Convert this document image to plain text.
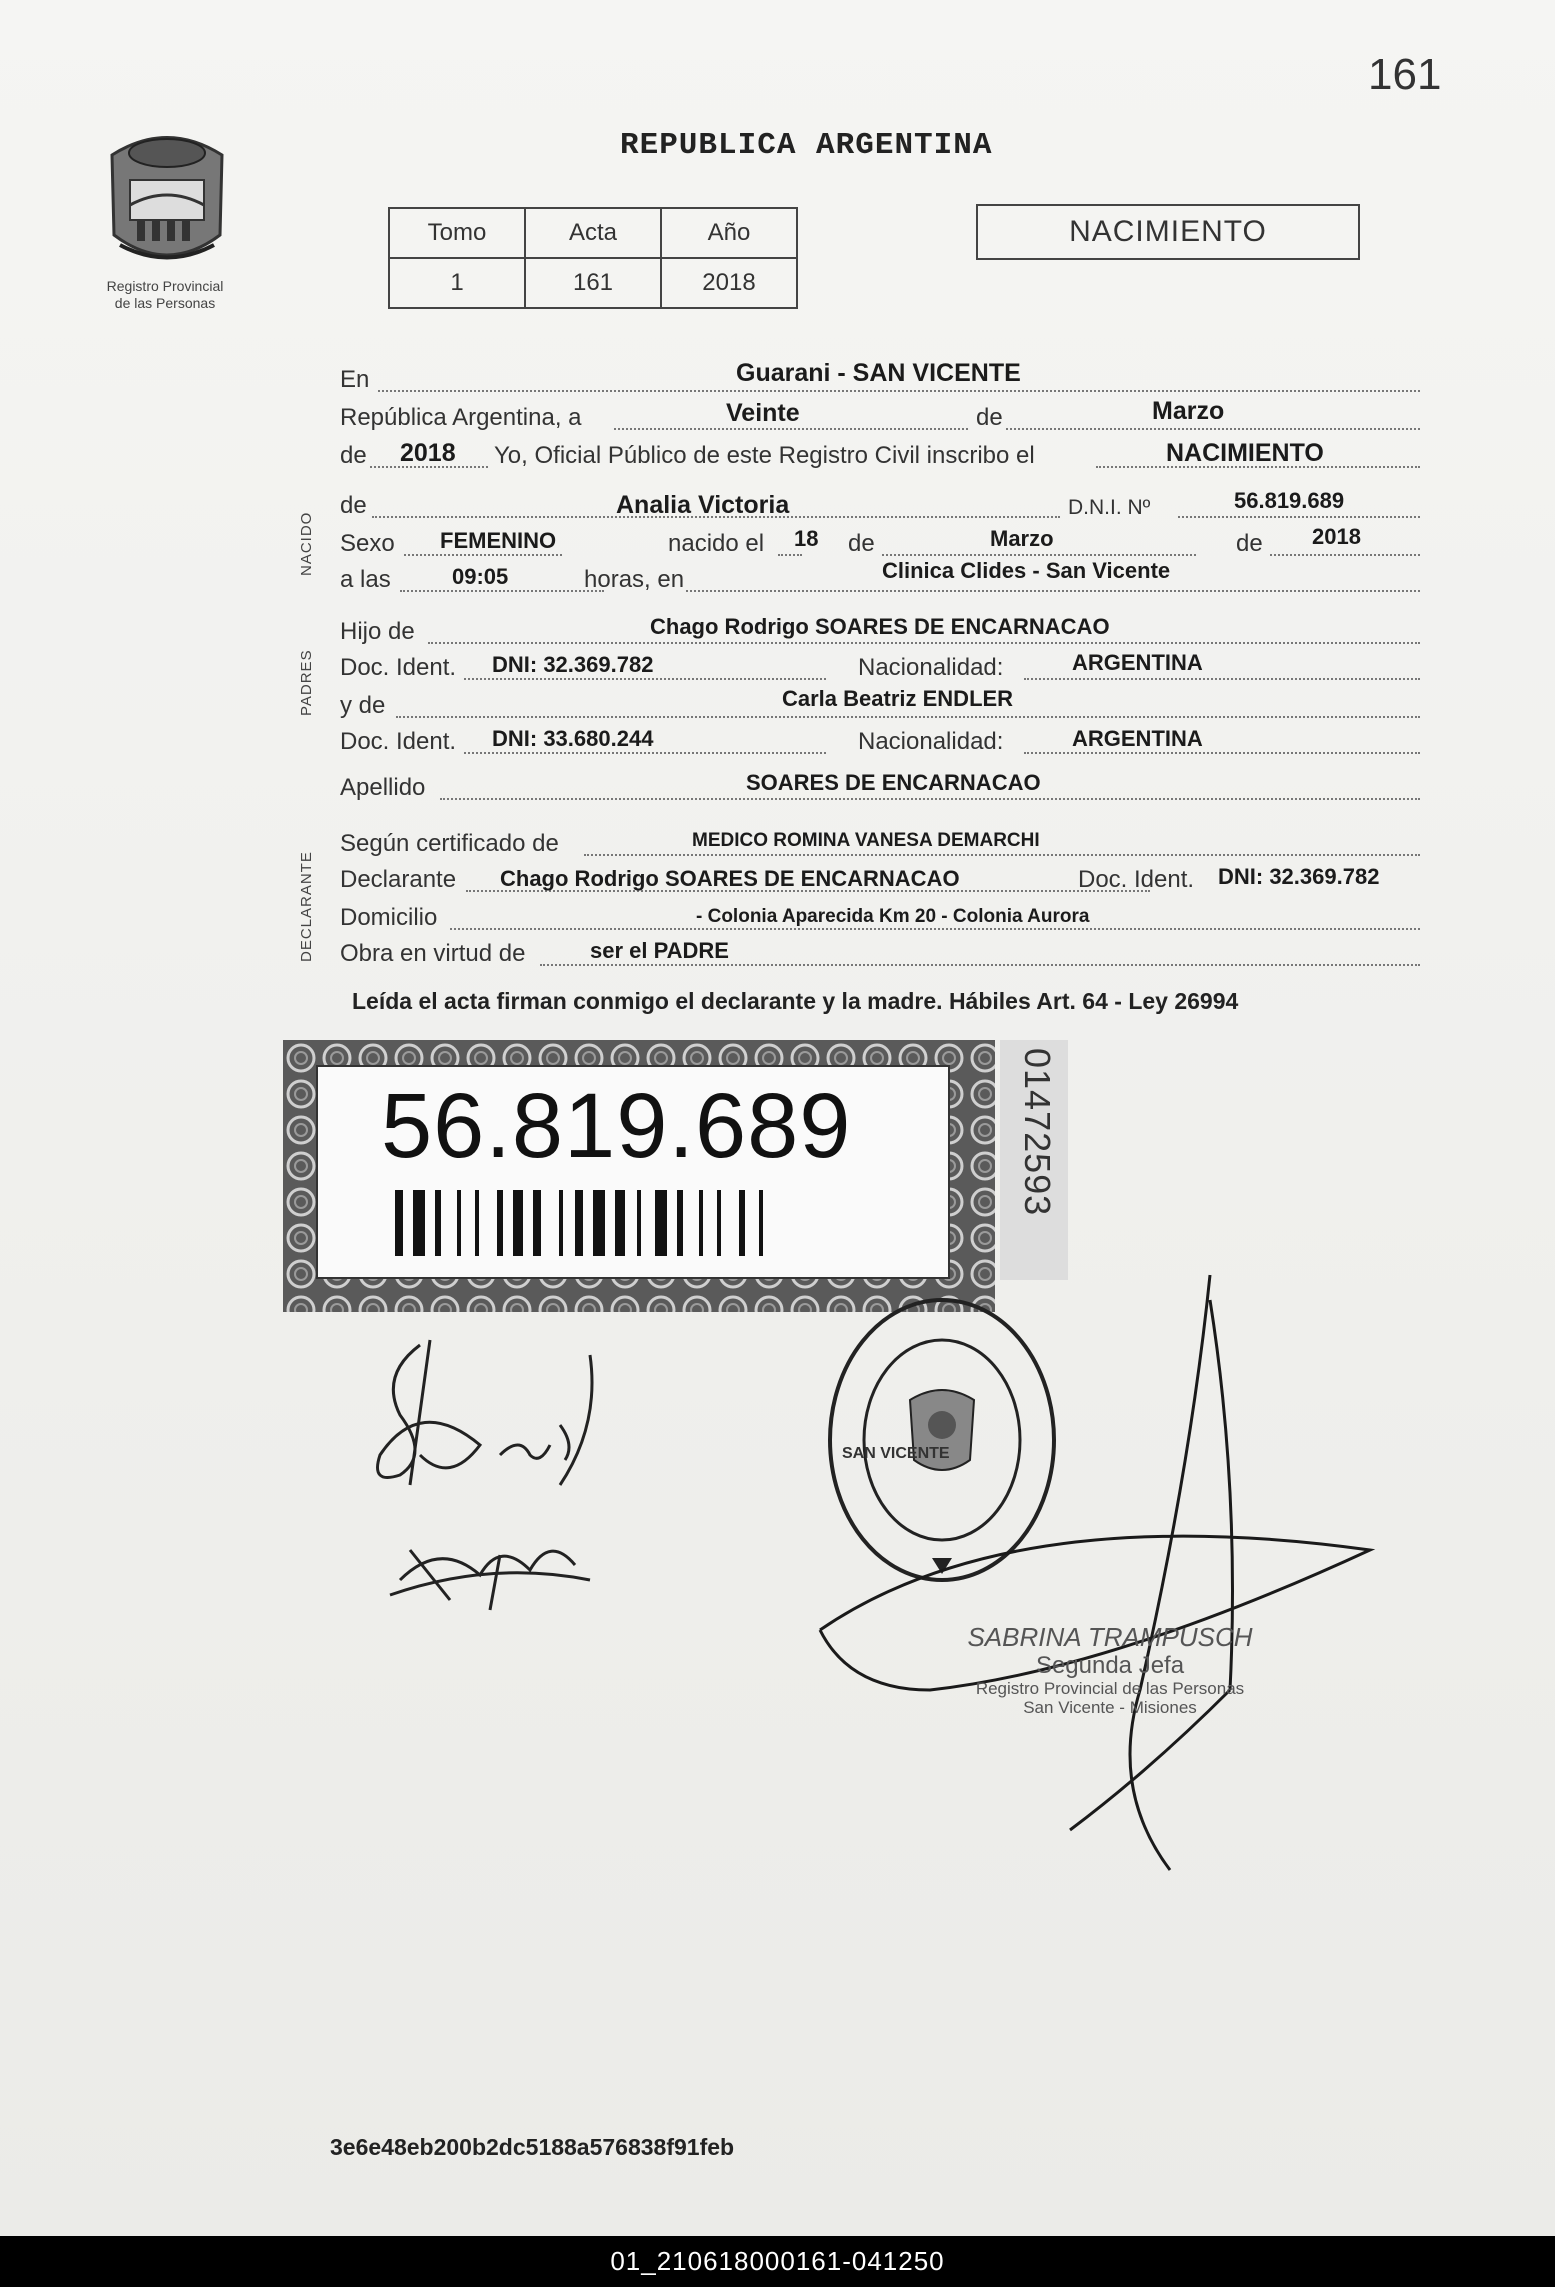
161
Registro Provincial
de las Personas
REPUBLICA ARGENTINA
Tomo	Acta	Año
1	161	2018
NACIMIENTO
NACIDO
PADRES
DECLARANTE
En	Guarani - SAN VICENTE
República Argentina, a	Veinte	de	Marzo
de 2018 Yo, Oficial Público de este Registro Civil inscribo el	NACIMIENTO
de	Analia Victoria	D.N.I. Nº	56.819.689
Sexo FEMENINO	nacido el 18 de	Marzo	de 2018
a las	09:05	horas, en	Clinica Clides - San Vicente
Hijo de	Chago Rodrigo SOARES DE ENCARNACAO
Doc. Ident. DNI: 32.369.782	Nacionalidad:	ARGENTINA
y de	Carla Beatriz ENDLER
Doc. Ident. DNI: 33.680.244	Nacionalidad:	ARGENTINA
Apellido	SOARES DE ENCARNACAO
Según certificado de	MEDICO ROMINA VANESA DEMARCHI
Declarante Chago Rodrigo SOARES DE ENCARNACAO	Doc. Ident. DNI: 32.369.782
Domicilio	- Colonia Aparecida Km 20 - Colonia Aurora
Obra en virtud de	ser el PADRE
Leída el acta firman conmigo el declarante y la madre. Hábiles Art. 64 - Ley 26994
56.819.689	01472593
SAN VICENTE
SABRINA TRAMPUSCH
Segunda Jefa
Registro Provincial de las Personas
San Vicente - Misiones
3e6e48eb200b2dc5188a576838f91feb
01_210618000161-041250
